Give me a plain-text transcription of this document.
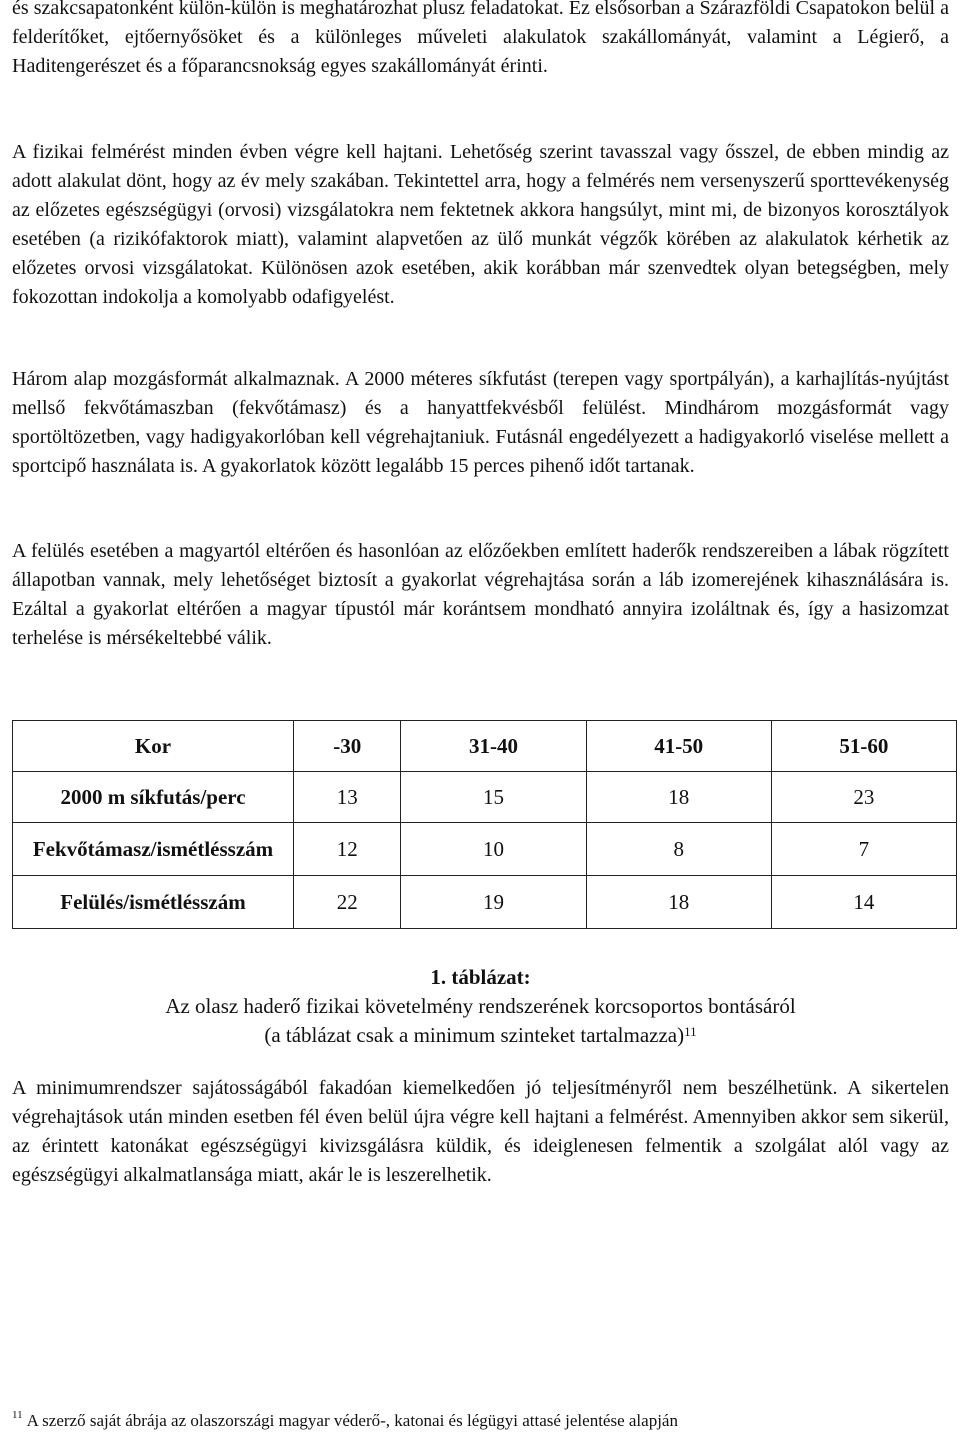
és szakcsapatonként külön-külön is meghatározhat plusz feladatokat. Ez elsősorban a Szárazföldi Csapatokon belül a felderítőket, ejtőernyősöket és a különleges műveleti alakulatok szakállományát, valamint a Légierő, a Haditengerészet és a főparancsnokság egyes szakállományát érinti.

A fizikai felmérést minden évben végre kell hajtani. Lehetőség szerint tavasszal vagy ősszel, de ebben mindig az adott alakulat dönt, hogy az év mely szakában. Tekintettel arra, hogy a felmérés nem versenyszerű sporttevékenység az előzetes egészségügyi (orvosi) vizsgálatokra nem fektetnek akkora hangsúlyt, mint mi, de bizonyos korosztályok esetében (a rizikófaktorok miatt), valamint alapvetően az ülő munkát végzők körében az alakulatok kérhetik az előzetes orvosi vizsgálatokat. Különösen azok esetében, akik korábban már szenvedtek olyan betegségben, mely fokozottan indokolja a komolyabb odafigyelést.

Három alap mozgásformát alkalmaznak. A 2000 méteres síkfutást (terepen vagy sportpályán), a karhajlítás-nyújtást mellső fekvőtámaszban (fekvőtámasz) és a hanyattfekvésből felülést. Mindhárom mozgásformát vagy sportöltözetben, vagy hadigyakorlóban kell végrehajtaniuk. Futásnál engedélyezett a hadigyakorló viselése mellett a sportcipő használata is. A gyakorlatok között legalább 15 perces pihenő időt tartanak.

A felülés esetében a magyartól eltérően és hasonlóan az előzőekben említett haderők rendszereiben a lábak rögzített állapotban vannak, mely lehetőséget biztosít a gyakorlat végrehajtása során a láb izomerejének kihasználására is. Ezáltal a gyakorlat eltérően a magyar típustól már korántsem mondható annyira izoláltnak és, így a hasizomzat terhelése is mérsékeltebbé válik.

Kor	-30	31-40	41-50	51-60
2000 m síkfutás/perc	13	15	18	23
Fekvőtámasz/ismétlésszám	12	10	8	7
Felülés/ismétlésszám	22	19	18	14
1. táblázat:
Az olasz haderő fizikai követelmény rendszerének korcsoportos bontásáról
(a táblázat csak a minimum szinteket tartalmazza)$^{11}$

A minimumrendszer sajátosságából fakadóan kiemelkedően jó teljesítményről nem beszélhetünk. A sikertelen végrehajtások után minden esetben fél éven belül újra végre kell hajtani a felmérést. Amennyiben akkor sem sikerül, az érintett katonákat egészségügyi kivizsgálásra küldik, és ideiglenesen felmentik a szolgálat alól vagy az egészségügyi alkalmatlansága miatt, akár le is leszerelhetik.

$^{11}$ A szerző saját ábrája az olaszországi magyar véderő-, katonai és légügyi attasé jelentése alapján
